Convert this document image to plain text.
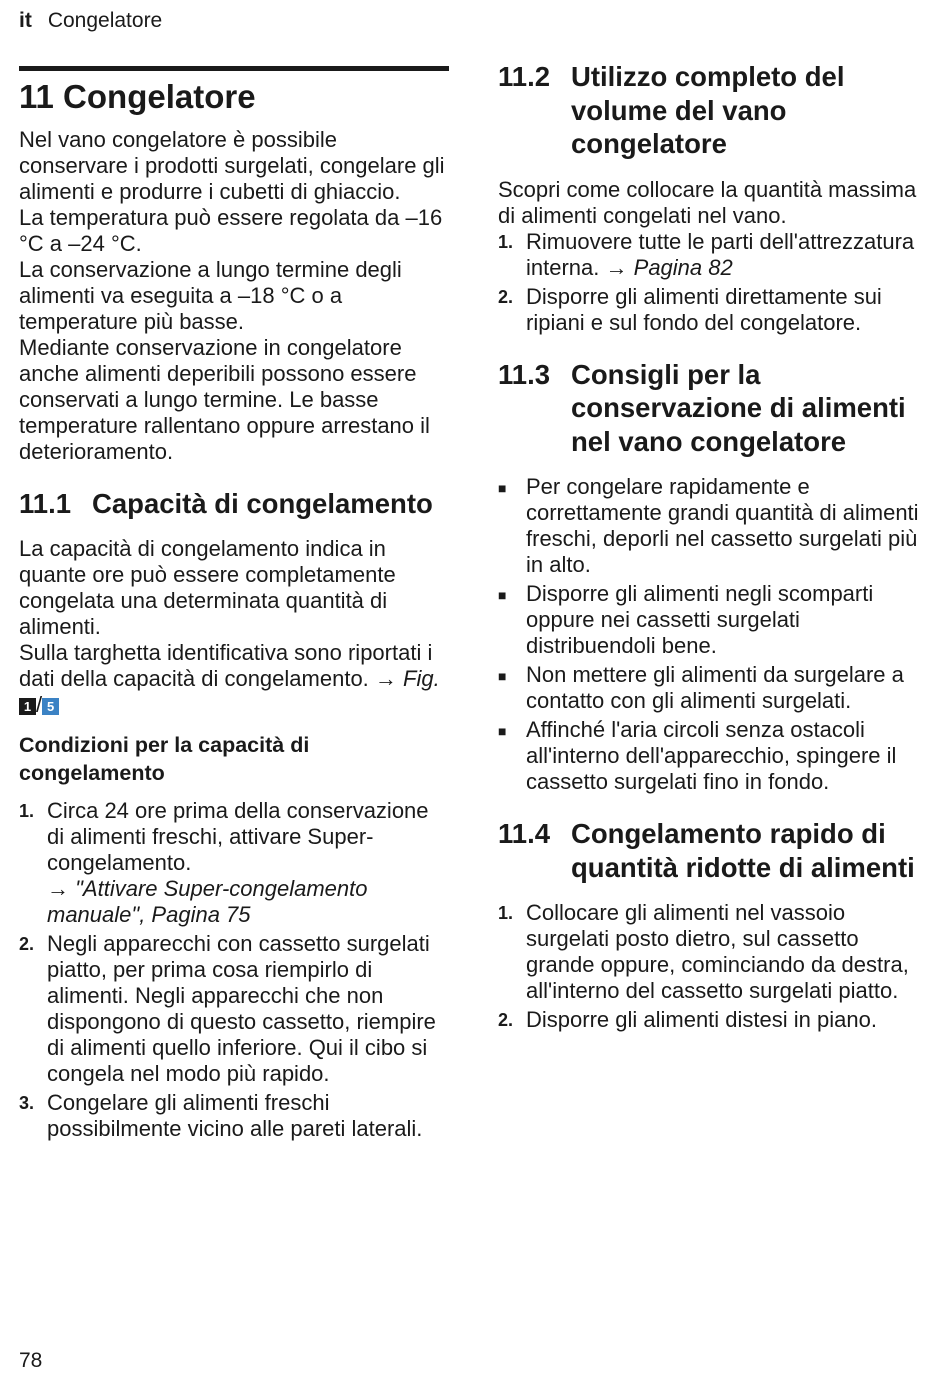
it Congelatore
11 Congelatore

Nel vano congelatore è possibile conservare i prodotti surgelati, congelare gli alimenti e produrre i cubetti di ghiaccio.

La temperatura può essere regolata da –16 °C a –24 °C.

La conservazione a lungo termine degli alimenti va eseguita a –18 °C o a temperature più basse.

Mediante conservazione in congelatore anche alimenti deperibili possono essere conservati a lungo termine. Le basse temperature rallentano oppure arrestano il deterioramento.

11.1 Capacità di congelamento

La capacità di congelamento indica in quante ore può essere completamente congelata una determinata quantità di alimenti.

Sulla targhetta identificativa sono riportati i dati della capacità di congelamento. → Fig. 1 / 5

Condizioni per la capacità di congelamento
1. Circa 24 ore prima della conservazione di alimenti freschi, attivare Super-congelamento.
→ "Attivare Super-congelamento manuale", Pagina 75
2. Negli apparecchi con cassetto surgelati piatto, per prima cosa riempirlo di alimenti. Negli apparecchi che non dispongono di questo cassetto, riempire di alimenti quello inferiore. Qui il cibo si congela nel modo più rapido.
3. Congelare gli alimenti freschi possibilmente vicino alle pareti laterali.
11.2 Utilizzo completo del volume del vano congelatore

Scopri come collocare la quantità massima di alimenti congelati nel vano.

1. Rimuovere tutte le parti dell'attrezzatura interna. → Pagina 82
2. Disporre gli alimenti direttamente sui ripiani e sul fondo del congelatore.
11.3 Consigli per la conservazione di alimenti nel vano congelatore
■ Per congelare rapidamente e correttamente grandi quantità di alimenti freschi, deporli nel cassetto surgelati più in alto.
■ Disporre gli alimenti negli scomparti oppure nei cassetti surgelati distribuendoli bene.
■ Non mettere gli alimenti da surgelare a contatto con gli alimenti surgelati.
■ Affinché l'aria circoli senza ostacoli all'interno dell'apparecchio, spingere il cassetto surgelati fino in fondo.
11.4 Congelamento rapido di quantità ridotte di alimenti
1. Collocare gli alimenti nel vassoio surgelati posto dietro, sul cassetto grande oppure, cominciando da destra, all'interno del cassetto surgelati piatto.
2. Disporre gli alimenti distesi in piano.
78
